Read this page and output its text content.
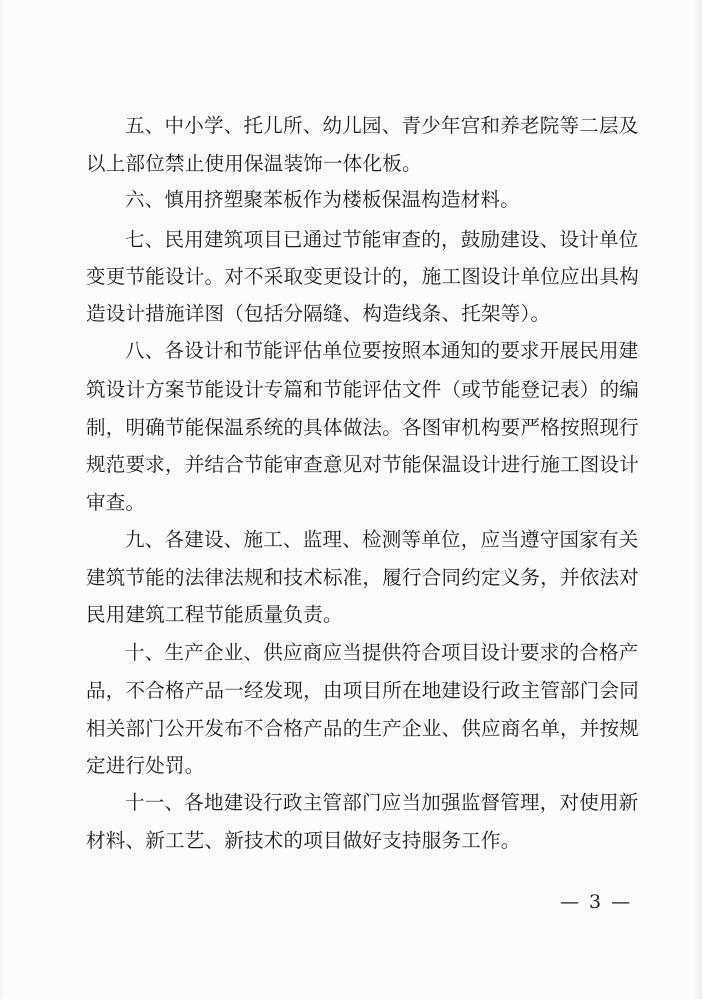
五、中小学、托儿所、幼儿园、青少年宫和养老院等二层及
以上部位禁止使用保温装饰一体化板。
六、慎用挤塑聚苯板作为楼板保温构造材料。
七、民用建筑项目已通过节能审查的，鼓励建设、设计单位
变更节能设计。对不采取变更设计的，施工图设计单位应出具构
造设计措施详图（包括分隔缝、构造线条、托架等）。
八、各设计和节能评估单位要按照本通知的要求开展民用建
筑设计方案节能设计专篇和节能评估文件（或节能登记表）的编
制，明确节能保温系统的具体做法。各图审机构要严格按照现行
规范要求，并结合节能审查意见对节能保温设计进行施工图设计
审查。
九、各建设、施工、监理、检测等单位，应当遵守国家有关
建筑节能的法律法规和技术标准，履行合同约定义务，并依法对
民用建筑工程节能质量负责。
十、生产企业、供应商应当提供符合项目设计要求的合格产
品，不合格产品一经发现，由项目所在地建设行政主管部门会同
相关部门公开发布不合格产品的生产企业、供应商名单，并按规
定进行处罚。
十一、各地建设行政主管部门应当加强监督管理，对使用新
材料、新工艺、新技术的项目做好支持服务工作。
— 3 —
